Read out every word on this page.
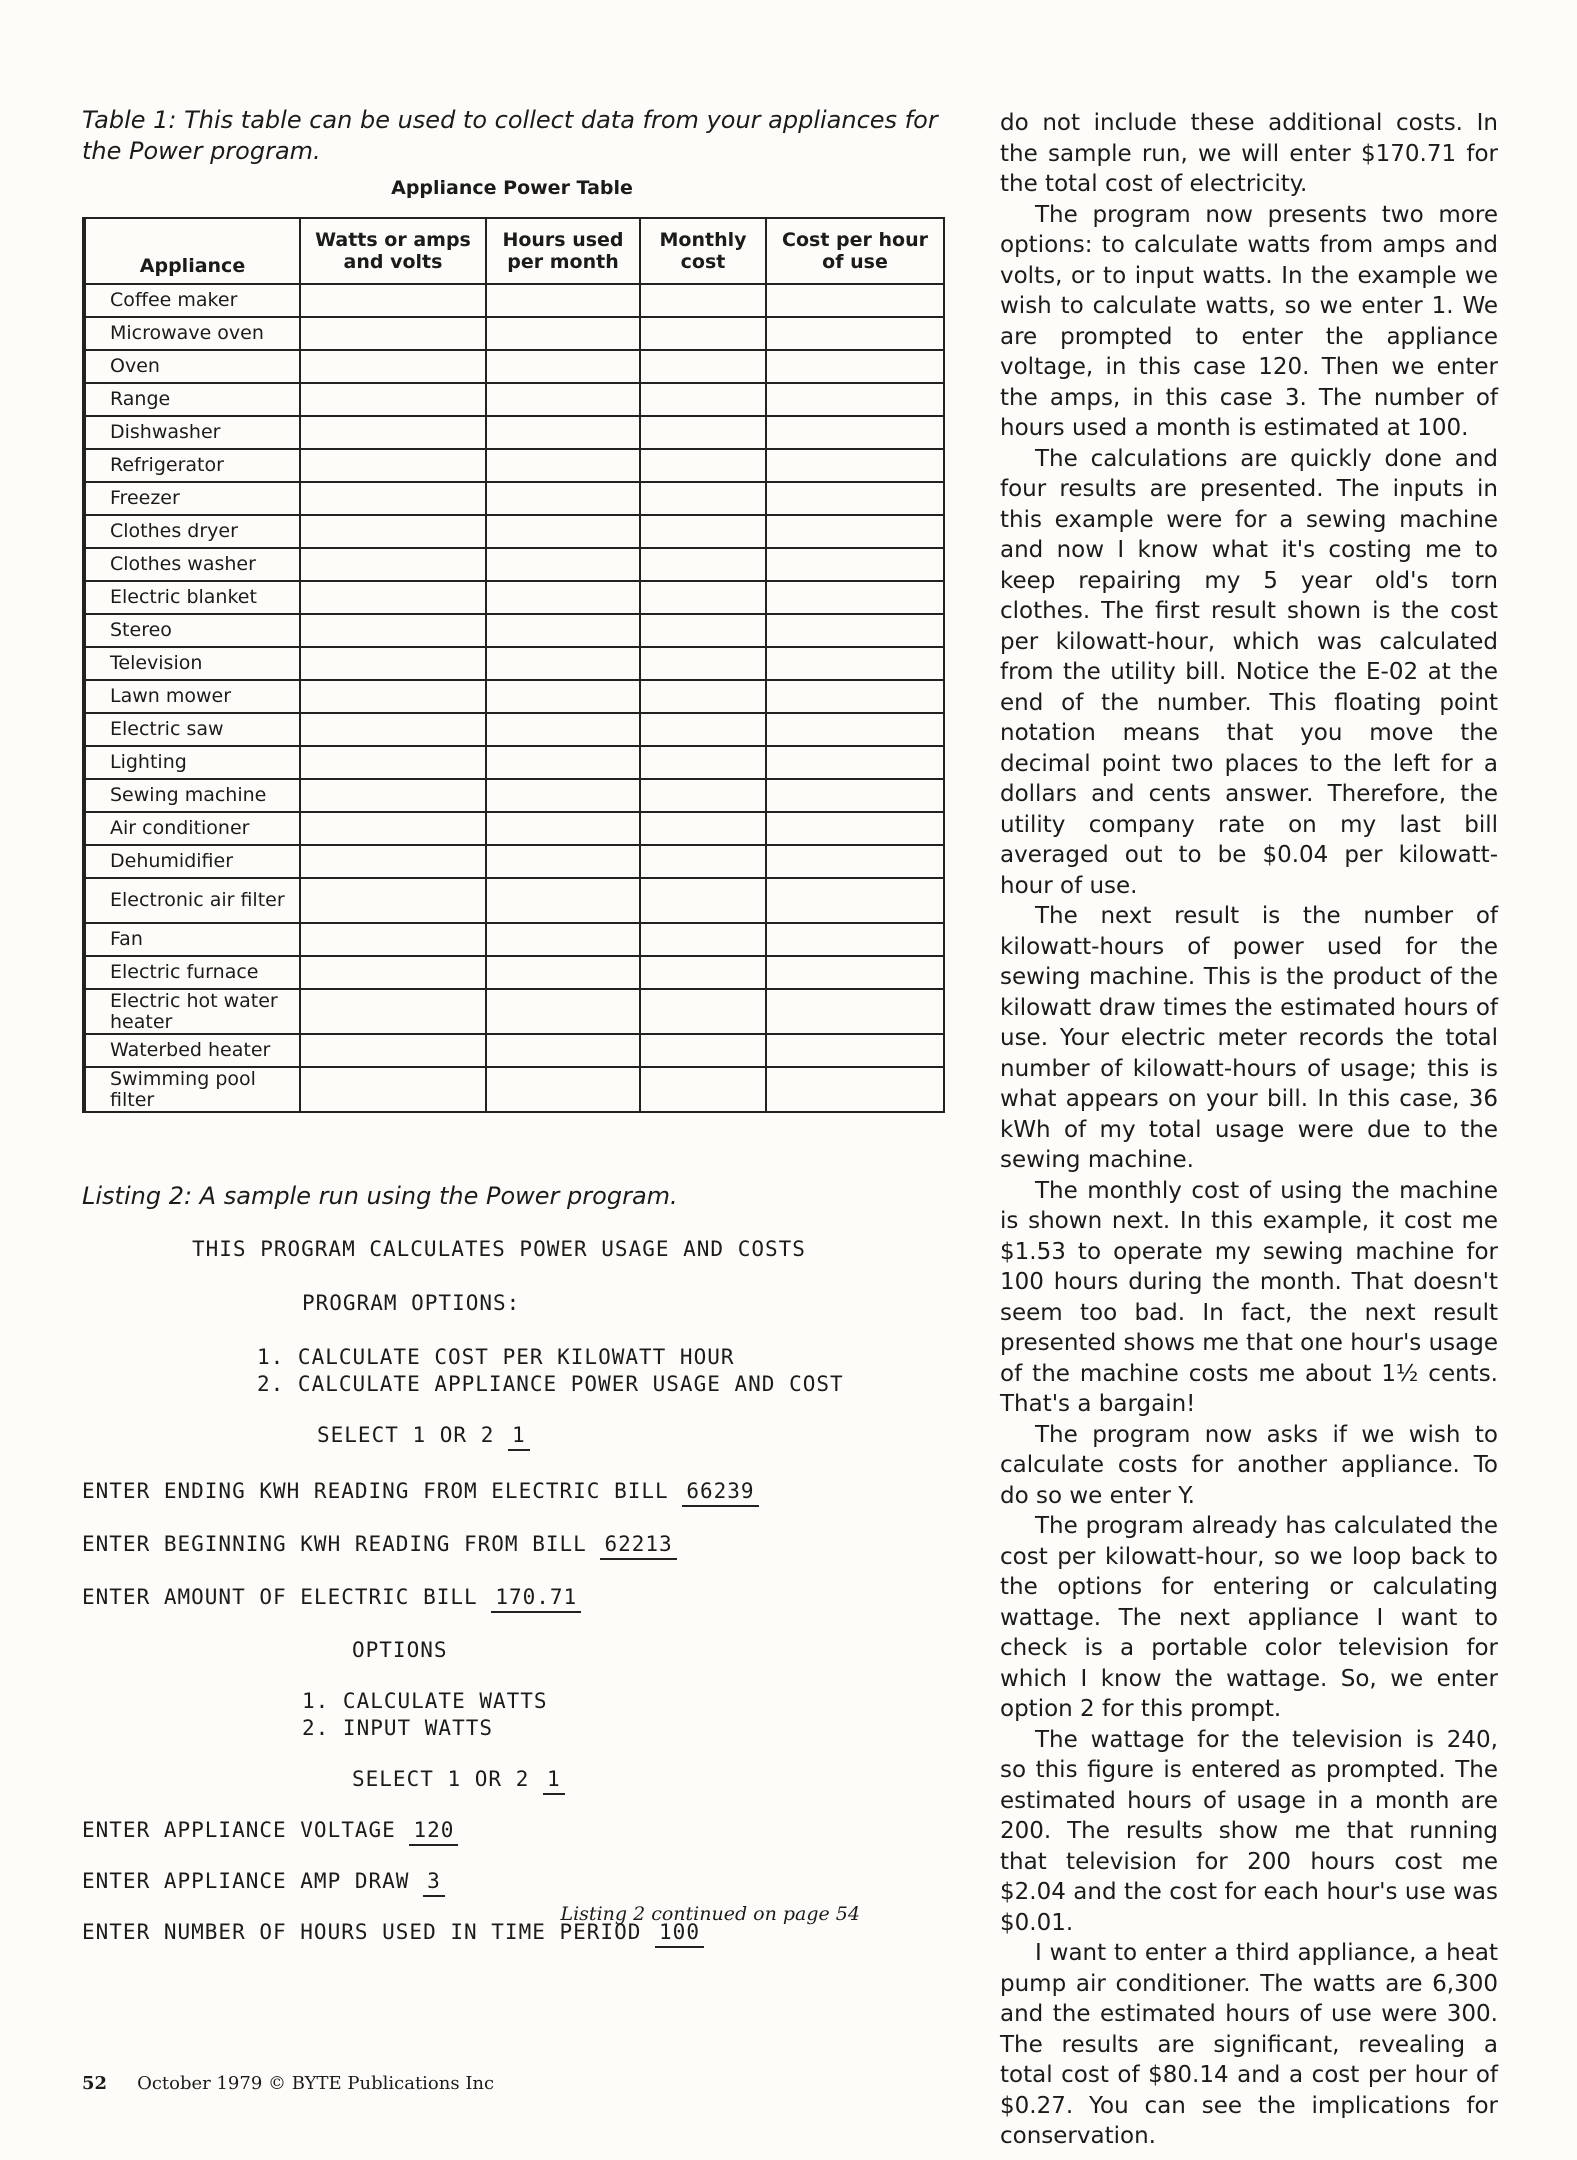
Table 1: This table can be used to collect data from your appliances for the Power program.

Appliance Power Table
Appliance	Watts or amps and volts	Hours used per month	Monthly cost	Cost per hour of use
Coffee maker				
Microwave oven				
Oven				
Range				
Dishwasher				
Refrigerator				
Freezer				
Clothes dryer				
Clothes washer				
Electric blanket				
Stereo				
Television				
Lawn mower				
Electric saw				
Lighting				
Sewing machine				
Air conditioner				
Dehumidifier				
Electronic air filter				
Fan				
Electric furnace				
Electric hot water heater				
Waterbed heater				
Swimming pool filter				

Listing 2: A sample run using the Power program.

THIS PROGRAM CALCULATES POWER USAGE AND COSTS
PROGRAM OPTIONS:
1. CALCULATE COST PER KILOWATT HOUR
2. CALCULATE APPLIANCE POWER USAGE AND COST
SELECT 1 OR 2 1
ENTER ENDING KWH READING FROM ELECTRIC BILL 66239
ENTER BEGINNING KWH READING FROM BILL 62213
ENTER AMOUNT OF ELECTRIC BILL 170.71
OPTIONS
1. CALCULATE WATTS
2. INPUT WATTS
SELECT 1 OR 2 1
ENTER APPLIANCE VOLTAGE 120
ENTER APPLIANCE AMP DRAW 3
ENTER NUMBER OF HOURS USED IN TIME PERIOD 100
Listing 2 continued on page 54

do not include these additional costs. In the sample run, we will enter $170.71 for the total cost of electricity.

The program now presents two more options: to calculate watts from amps and volts, or to input watts. In the example we wish to calculate watts, so we enter 1. We are prompted to enter the appliance voltage, in this case 120. Then we enter the amps, in this case 3. The number of hours used a month is estimated at 100.

The calculations are quickly done and four results are presented. The inputs in this example were for a sewing machine and now I know what it's costing me to keep repairing my 5 year old's torn clothes. The first result shown is the cost per kilowatt-hour, which was calculated from the utility bill. Notice the E-02 at the end of the number. This floating point notation means that you move the decimal point two places to the left for a dollars and cents answer. Therefore, the utility company rate on my last bill averaged out to be $0.04 per kilowatt-hour of use.

The next result is the number of kilowatt-hours of power used for the sewing machine. This is the product of the kilowatt draw times the estimated hours of use. Your electric meter records the total number of kilowatt-hours of usage; this is what appears on your bill. In this case, 36 kWh of my total usage were due to the sewing machine.

The monthly cost of using the machine is shown next. In this example, it cost me $1.53 to operate my sewing machine for 100 hours during the month. That doesn't seem too bad. In fact, the next result presented shows me that one hour's usage of the machine costs me about 1½ cents. That's a bargain!

The program now asks if we wish to calculate costs for another appliance. To do so we enter Y.

The program already has calculated the cost per kilowatt-hour, so we loop back to the options for entering or calculating wattage. The next appliance I want to check is a portable color television for which I know the wattage. So, we enter option 2 for this prompt.

The wattage for the television is 240, so this figure is entered as prompted. The estimated hours of usage in a month are 200. The results show me that running that television for 200 hours cost me $2.04 and the cost for each hour's use was $0.01.

I want to enter a third appliance, a heat pump air conditioner. The watts are 6,300 and the estimated hours of use were 300. The results are significant, revealing a total cost of $80.14 and a cost per hour of $0.27. You can see the implications for conservation.

52 October 1979 © BYTE Publications Inc
